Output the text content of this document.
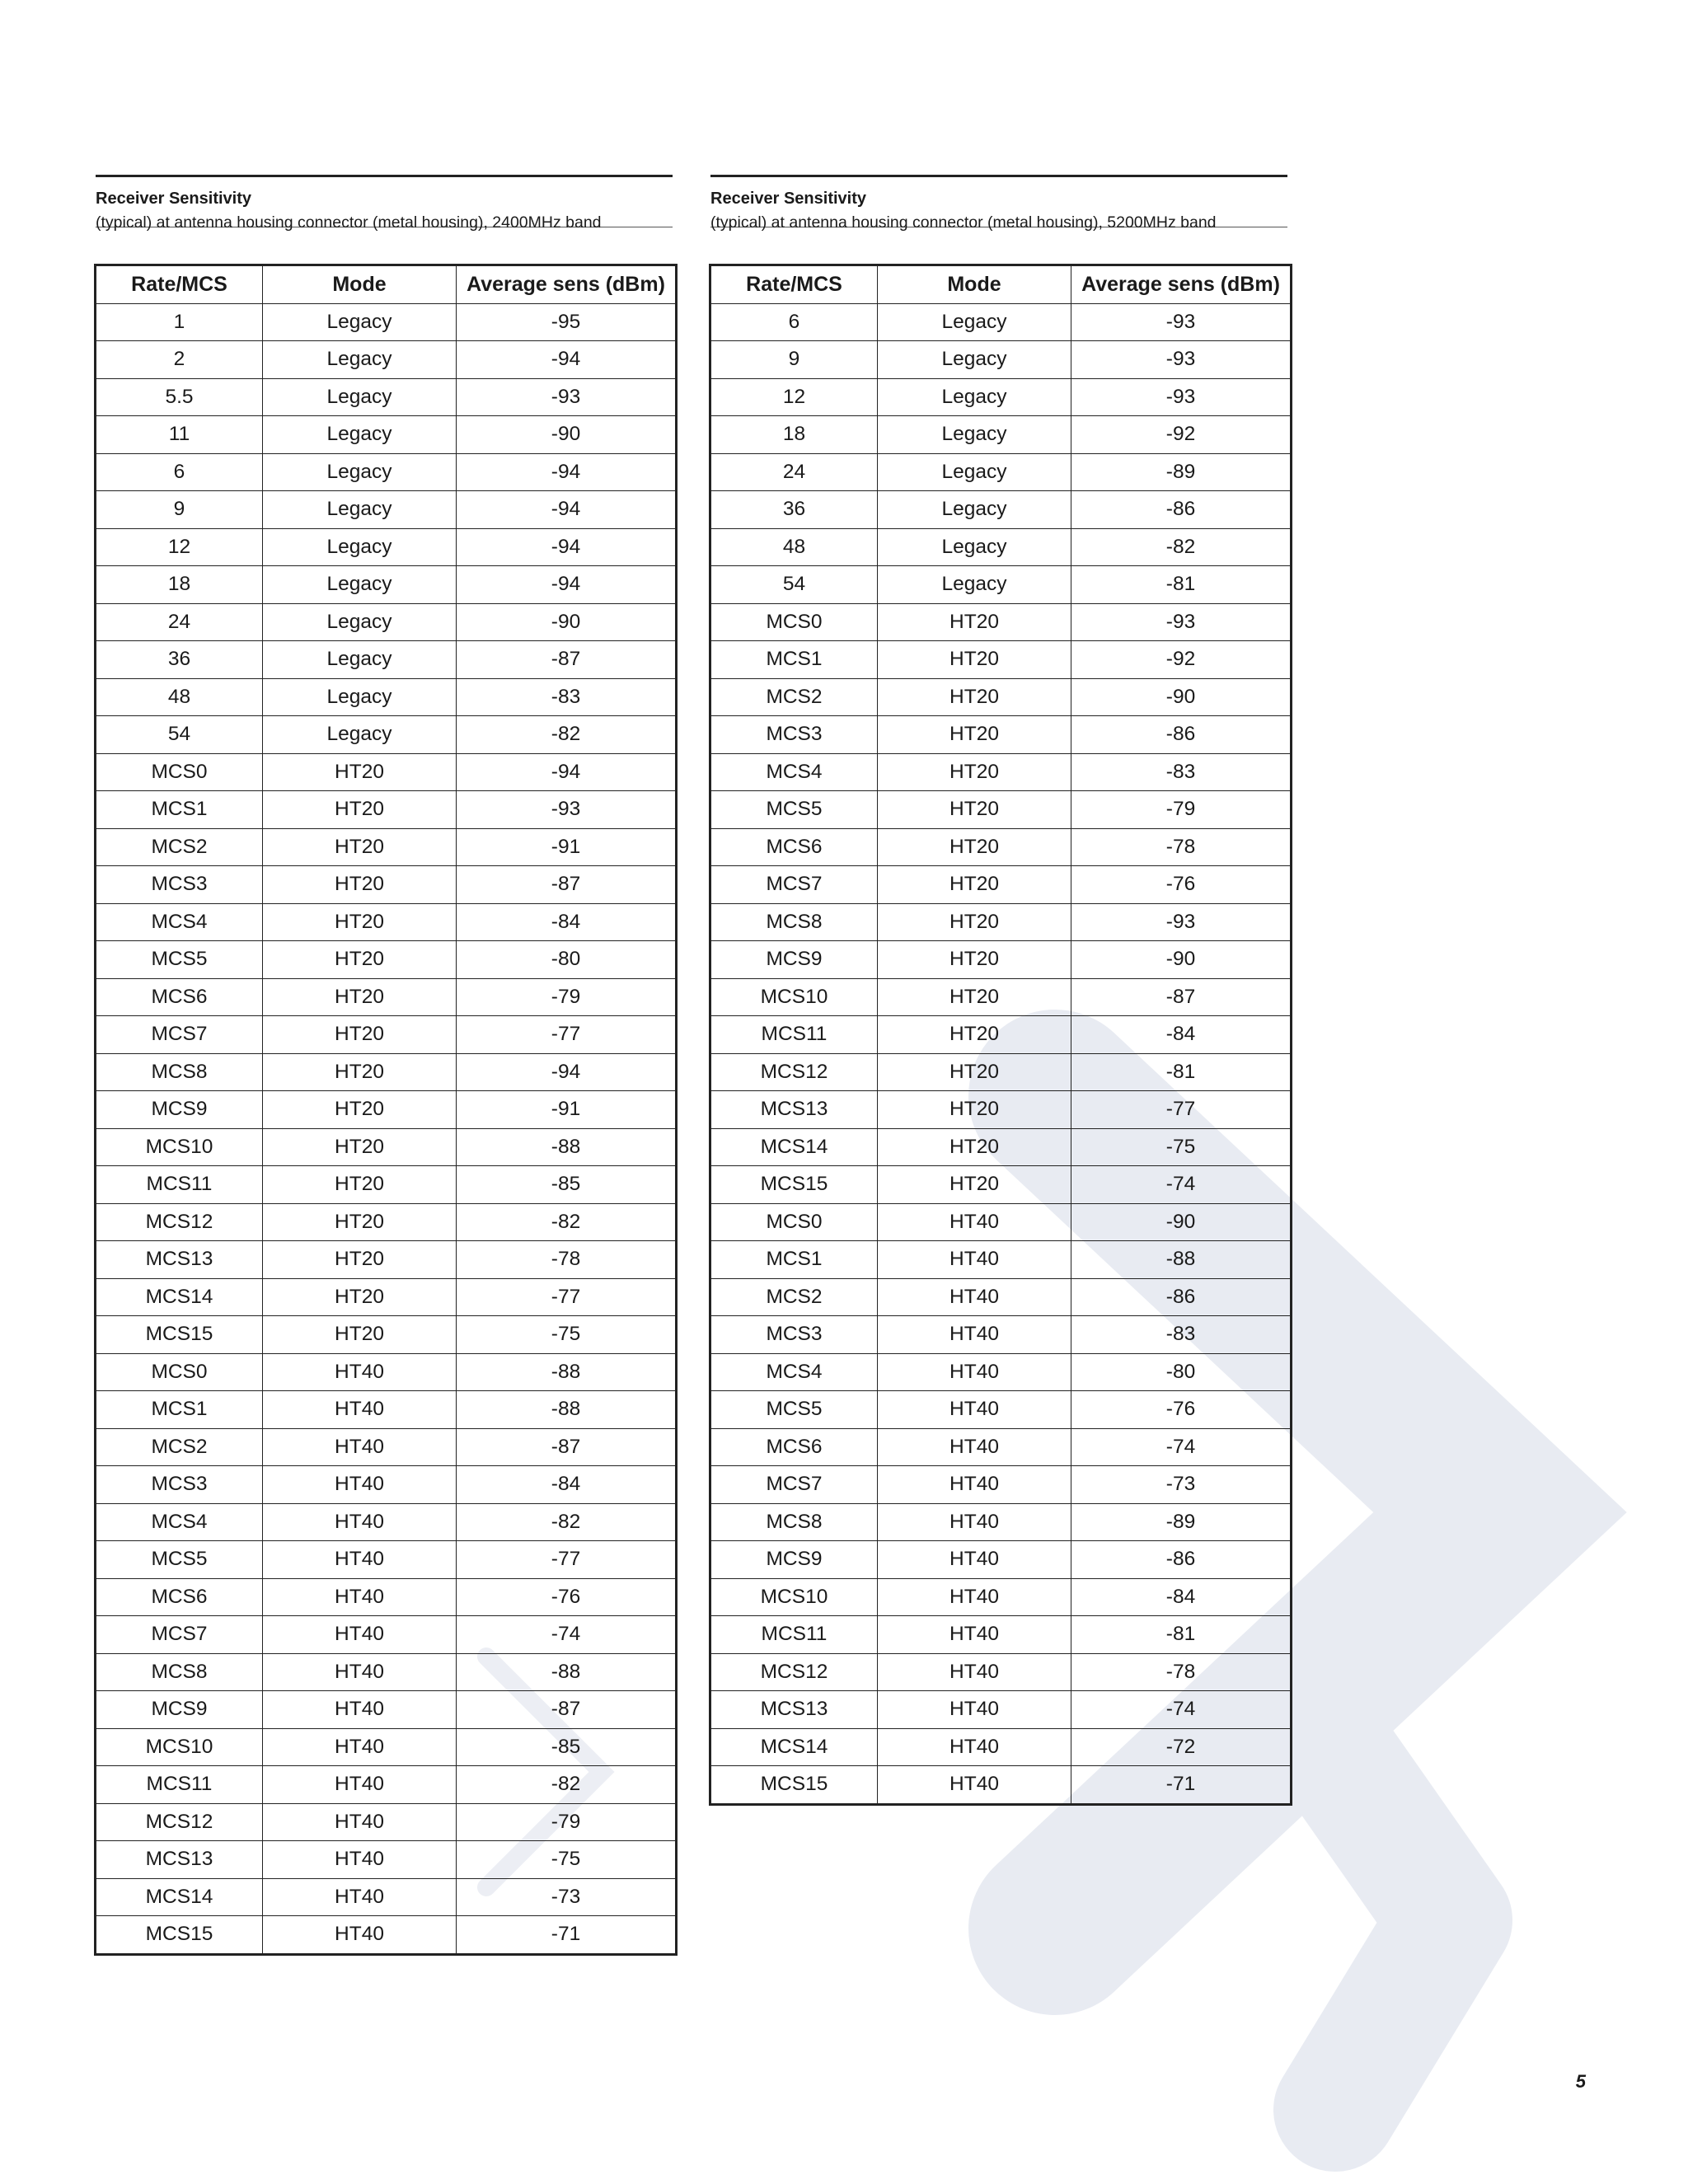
Receiver Sensitivity

(typical) at antenna housing connector (metal housing), 2400MHz band

Rate/MCS	Mode	Average sens (dBm)
1	Legacy	-95
2	Legacy	-94
5.5	Legacy	-93
11	Legacy	-90
6	Legacy	-94
9	Legacy	-94
12	Legacy	-94
18	Legacy	-94
24	Legacy	-90
36	Legacy	-87
48	Legacy	-83
54	Legacy	-82
MCS0	HT20	-94
MCS1	HT20	-93
MCS2	HT20	-91
MCS3	HT20	-87
MCS4	HT20	-84
MCS5	HT20	-80
MCS6	HT20	-79
MCS7	HT20	-77
MCS8	HT20	-94
MCS9	HT20	-91
MCS10	HT20	-88
MCS11	HT20	-85
MCS12	HT20	-82
MCS13	HT20	-78
MCS14	HT20	-77
MCS15	HT20	-75
MCS0	HT40	-88
MCS1	HT40	-88
MCS2	HT40	-87
MCS3	HT40	-84
MCS4	HT40	-82
MCS5	HT40	-77
MCS6	HT40	-76
MCS7	HT40	-74
MCS8	HT40	-88
MCS9	HT40	-87
MCS10	HT40	-85
MCS11	HT40	-82
MCS12	HT40	-79
MCS13	HT40	-75
MCS14	HT40	-73
MCS15	HT40	-71

Receiver Sensitivity

(typical) at antenna housing connector (metal housing), 5200MHz band

Rate/MCS	Mode	Average sens (dBm)
6	Legacy	-93
9	Legacy	-93
12	Legacy	-93
18	Legacy	-92
24	Legacy	-89
36	Legacy	-86
48	Legacy	-82
54	Legacy	-81
MCS0	HT20	-93
MCS1	HT20	-92
MCS2	HT20	-90
MCS3	HT20	-86
MCS4	HT20	-83
MCS5	HT20	-79
MCS6	HT20	-78
MCS7	HT20	-76
MCS8	HT20	-93
MCS9	HT20	-90
MCS10	HT20	-87
MCS11	HT20	-84
MCS12	HT20	-81
MCS13	HT20	-77
MCS14	HT20	-75
MCS15	HT20	-74
MCS0	HT40	-90
MCS1	HT40	-88
MCS2	HT40	-86
MCS3	HT40	-83
MCS4	HT40	-80
MCS5	HT40	-76
MCS6	HT40	-74
MCS7	HT40	-73
MCS8	HT40	-89
MCS9	HT40	-86
MCS10	HT40	-84
MCS11	HT40	-81
MCS12	HT40	-78
MCS13	HT40	-74
MCS14	HT40	-72
MCS15	HT40	-71
5
